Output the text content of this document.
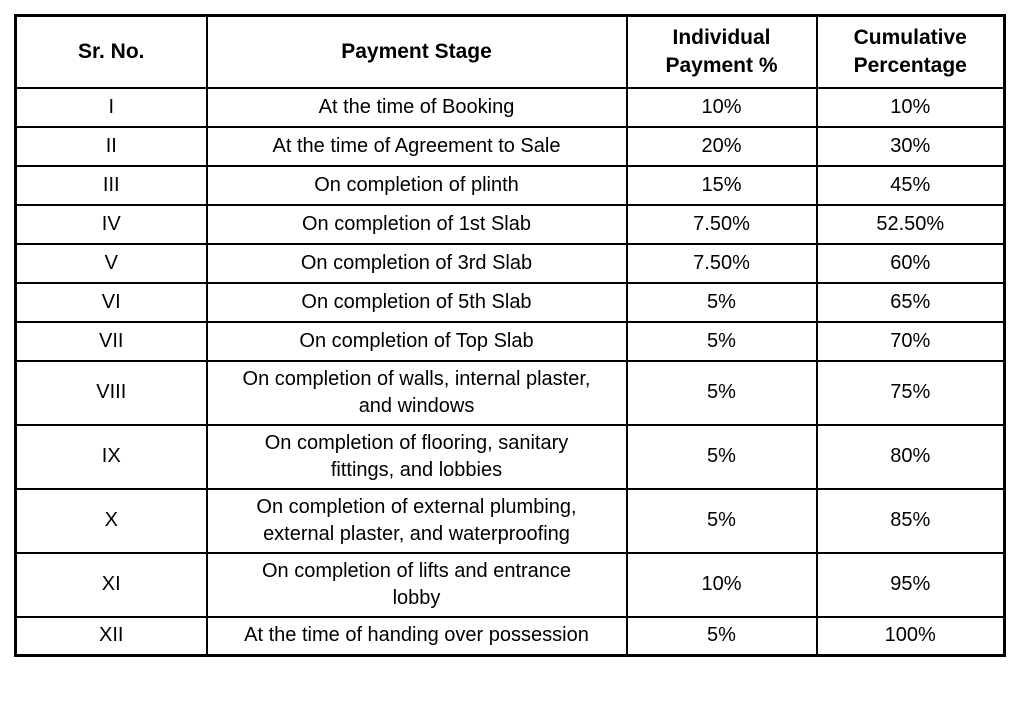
Sr. No.	Payment Stage	Individual Payment %	Cumulative Percentage
I	At the time of Booking	10%	10%
II	At the time of Agreement to Sale	20%	30%
III	On completion of plinth	15%	45%
IV	On completion of 1st Slab	7.50%	52.50%
V	On completion of 3rd Slab	7.50%	60%
VI	On completion of 5th Slab	5%	65%
VII	On completion of Top Slab	5%	70%
VIII	On completion of walls, internal plaster, and windows	5%	75%
IX	On completion of flooring, sanitary fittings, and lobbies	5%	80%
X	On completion of external plumbing, external plaster, and waterproofing	5%	85%
XI	On completion of lifts and entrance lobby	10%	95%
XII	At the time of handing over possession	5%	100%
